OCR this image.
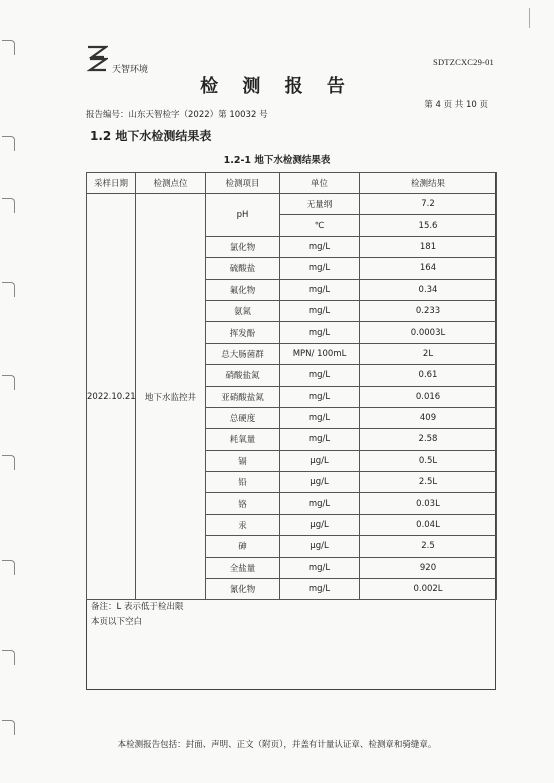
天智环境
SDTZCXC29-01
检 测 报 告
报告编号：山东天智检字（2022）第 10032 号
第 4 页 共 10 页
1.2 地下水检测结果表
1.2-1 地下水检测结果表
采样日期	检测点位	检测项目	单位	检测结果
2022.10.21	地下水监控井	pH	无量纲	7.2
			℃	15.6
		氯化物	mg/L	181
		硫酸盐	mg/L	164
		氟化物	mg/L	0.34
		氨氮	mg/L	0.233
		挥发酚	mg/L	0.0003L
		总大肠菌群	MPN/ 100mL	2L
		硝酸盐氮	mg/L	0.61
		亚硝酸盐氮	mg/L	0.016
		总硬度	mg/L	409
		耗氧量	mg/L	2.58
		镉	μg/L	0.5L
		铅	μg/L	2.5L
		铬	mg/L	0.03L
		汞	μg/L	0.04L
		砷	μg/L	2.5
		全盐量	mg/L	920
		氰化物	mg/L	0.002L
备注：L 表示低于检出限
本页以下空白
本检测报告包括：封面、声明、正文（附页），并盖有计量认证章、检测章和骑缝章。
